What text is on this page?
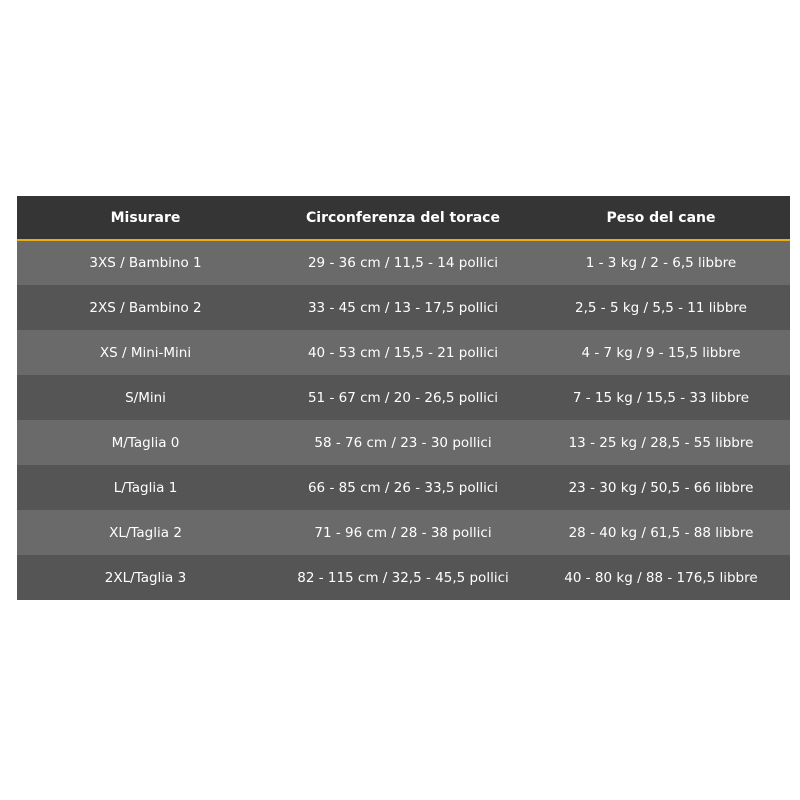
Misurare	Circonferenza del torace	Peso del cane
3XS / Bambino 1	29 - 36 cm / 11,5 - 14 pollici	1 - 3 kg / 2 - 6,5 libbre
2XS / Bambino 2	33 - 45 cm / 13 - 17,5 pollici	2,5 - 5 kg / 5,5 - 11 libbre
XS / Mini-Mini	40 - 53 cm / 15,5 - 21 pollici	4 - 7 kg / 9 - 15,5 libbre
S/Mini	51 - 67 cm / 20 - 26,5 pollici	7 - 15 kg / 15,5 - 33 libbre
M/Taglia 0	58 - 76 cm / 23 - 30 pollici	13 - 25 kg / 28,5 - 55 libbre
L/Taglia 1	66 - 85 cm / 26 - 33,5 pollici	23 - 30 kg / 50,5 - 66 libbre
XL/Taglia 2	71 - 96 cm / 28 - 38 pollici	28 - 40 kg / 61,5 - 88 libbre
2XL/Taglia 3	82 - 115 cm / 32,5 - 45,5 pollici	40 - 80 kg / 88 - 176,5 libbre
